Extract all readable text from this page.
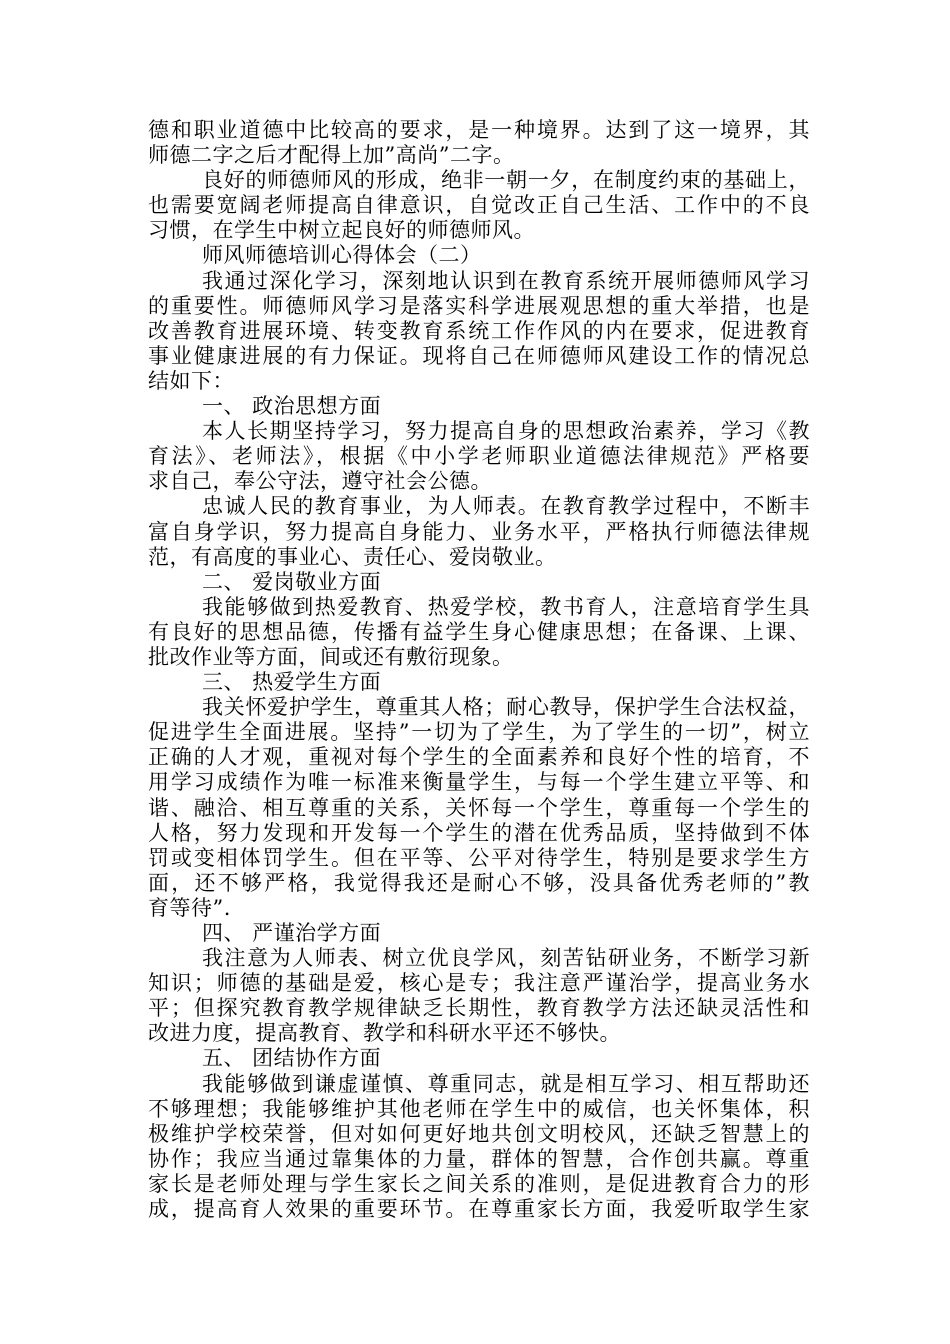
德和职业道德中比较高的要求，是一种境界。达到了这一境界，其
师德二字之后才配得上加”高尚”二字。
良好的师德师风的形成，绝非一朝一夕，在制度约束的基础上，
也需要宽阔老师提高自律意识，自觉改正自己生活、工作中的不良
习惯，在学生中树立起良好的师德师风。
师风师德培训心得体会（二）
我通过深化学习，深刻地认识到在教育系统开展师德师风学习
的重要性。师德师风学习是落实科学进展观思想的重大举措，也是
改善教育进展环境、转变教育系统工作作风的内在要求，促进教育
事业健康进展的有力保证。现将自己在师德师风建设工作的情况总
结如下：
一、 政治思想方面
本人长期坚持学习，努力提高自身的思想政治素养，学习《教
育法》、老师法》，根据《中小学老师职业道德法律规范》严格要
求自己，奉公守法，遵守社会公德。
忠诚人民的教育事业，为人师表。在教育教学过程中，不断丰
富自身学识，努力提高自身能力、业务水平，严格执行师德法律规
范，有高度的事业心、责任心、爱岗敬业。
二、 爱岗敬业方面
我能够做到热爱教育、热爱学校，教书育人，注意培育学生具
有良好的思想品德，传播有益学生身心健康思想；在备课、上课、
批改作业等方面，间或还有敷衍现象。
三、 热爱学生方面
我关怀爱护学生，尊重其人格；耐心教导，保护学生合法权益，
促进学生全面进展。坚持”一切为了学生，为了学生的一切”，树立
正确的人才观，重视对每个学生的全面素养和良好个性的培育，不
用学习成绩作为唯一标准来衡量学生，与每一个学生建立平等、和
谐、融洽、相互尊重的关系，关怀每一个学生，尊重每一个学生的
人格，努力发现和开发每一个学生的潜在优秀品质，坚持做到不体
罚或变相体罚学生。但在平等、公平对待学生，特别是要求学生方
面，还不够严格，我觉得我还是耐心不够，没具备优秀老师的”教
育等待”.
四、 严谨治学方面
我注意为人师表、树立优良学风，刻苦钻研业务，不断学习新
知识；师德的基础是爱，核心是专；我注意严谨治学，提高业务水
平；但探究教育教学规律缺乏长期性，教育教学方法还缺灵活性和
改进力度，提高教育、教学和科研水平还不够快。
五、 团结协作方面
我能够做到谦虚谨慎、尊重同志，就是相互学习、相互帮助还
不够理想；我能够维护其他老师在学生中的威信，也关怀集体，积
极维护学校荣誉，但对如何更好地共创文明校风，还缺乏智慧上的
协作；我应当通过靠集体的力量，群体的智慧，合作创共赢。尊重
家长是老师处理与学生家长之间关系的准则，是促进教育合力的形
成，提高育人效果的重要环节。在尊重家长方面，我爱听取学生家
